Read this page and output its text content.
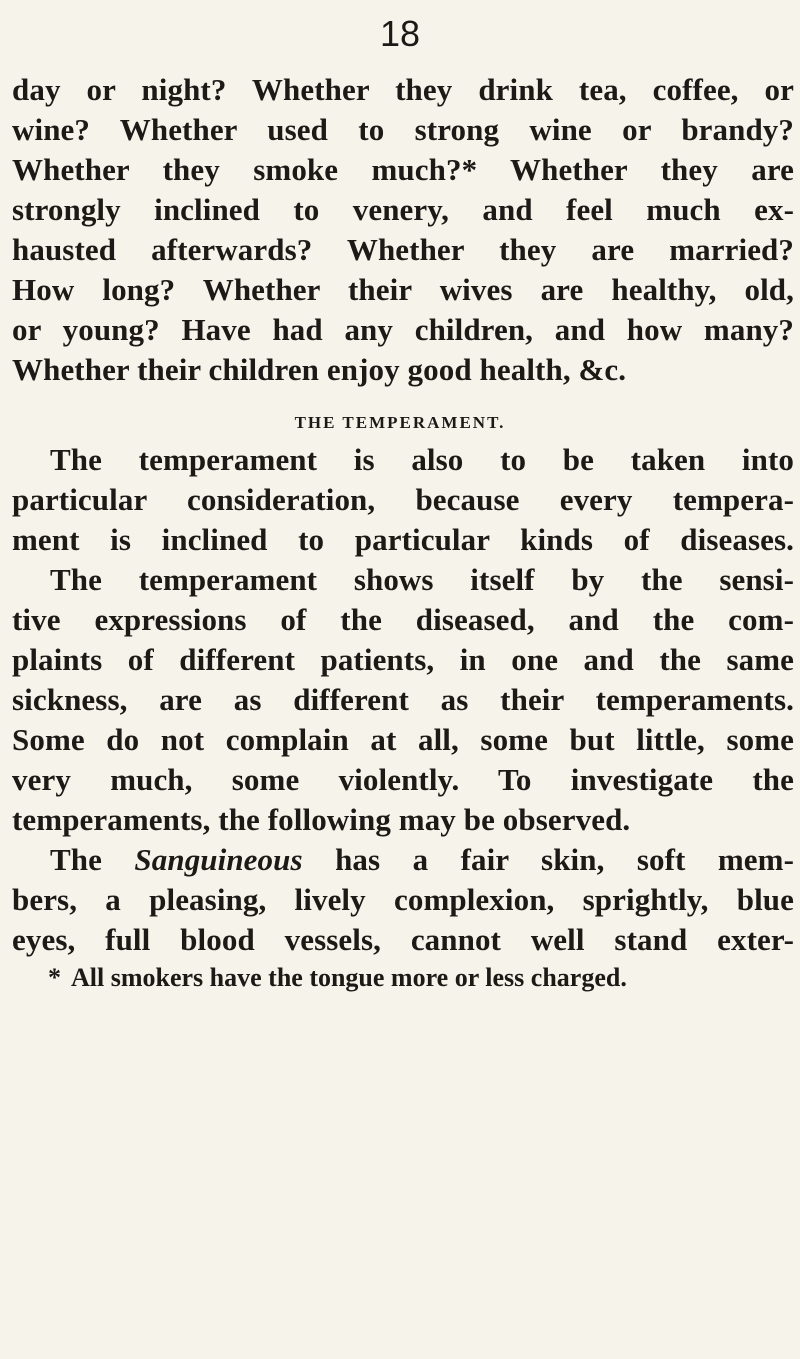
18
day or night? Whether they drink tea, coffee, or
wine? Whether used to strong wine or brandy?
Whether they smoke much?* Whether they are
strongly inclined to venery, and feel much ex-
hausted afterwards? Whether they are married?
How long? Whether their wives are healthy, old,
or young? Have had any children, and how many?
Whether their children enjoy good health, &c.
THE TEMPERAMENT.
The temperament is also to be taken into
particular consideration, because every tempera-
ment is inclined to particular kinds of diseases.
The temperament shows itself by the sensi-
tive expressions of the diseased, and the com-
plaints of different patients, in one and the same
sickness, are as different as their temperaments.
Some do not complain at all, some but little, some
very much, some violently. To investigate the
temperaments, the following may be observed.
The Sanguineous has a fair skin, soft mem-
bers, a pleasing, lively complexion, sprightly, blue
eyes, full blood vessels, cannot well stand exter-
* All smokers have the tongue more or less charged.
